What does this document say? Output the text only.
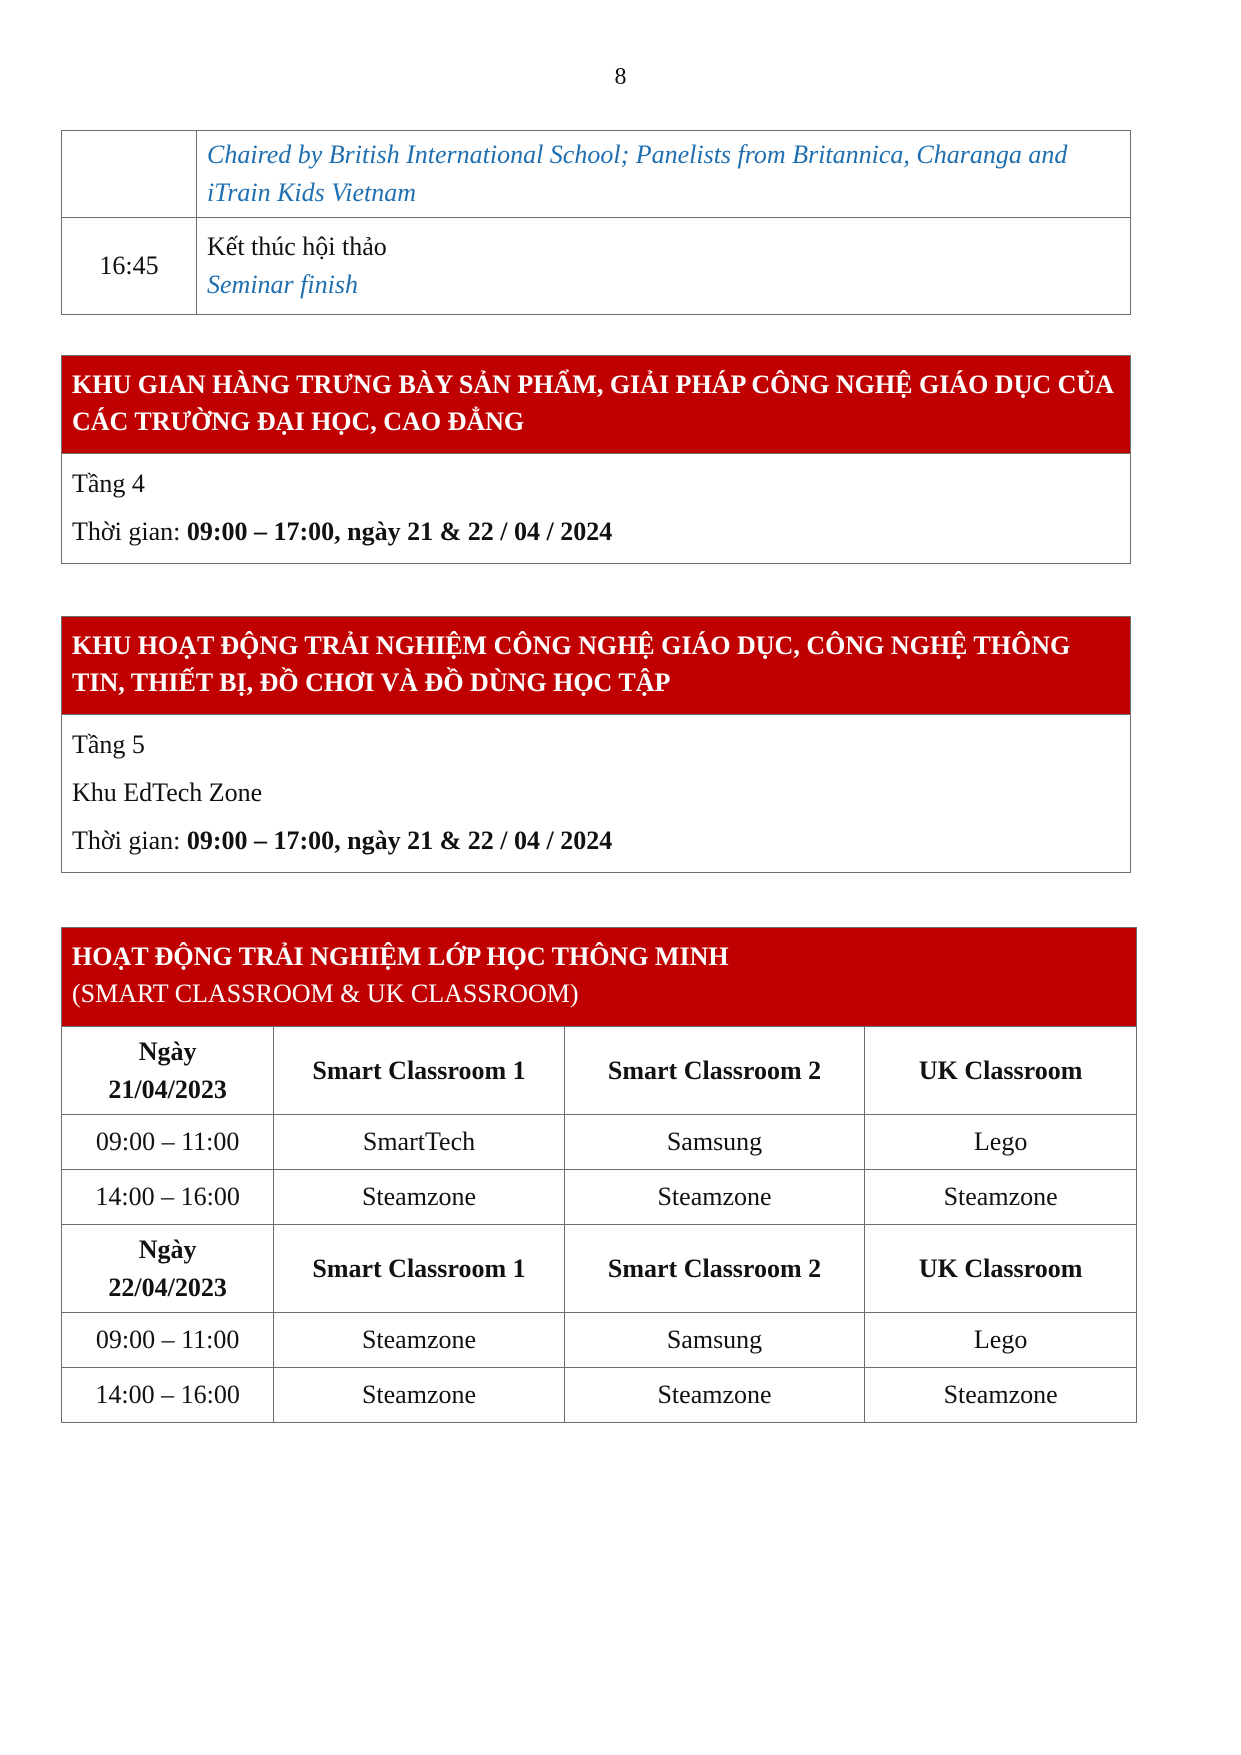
8
	Chaired by British International School; Panelists from Britannica, Charanga and iTrain Kids Vietnam
16:45	Kết thúc hội thảo
Seminar finish
KHU GIAN HÀNG TRƯNG BÀY SẢN PHẨM, GIẢI PHÁP CÔNG NGHỆ GIÁO DỤC CỦA CÁC TRƯỜNG ĐẠI HỌC, CAO ĐẲNG
Tầng 4
Thời gian: 09:00 – 17:00, ngày 21 & 22 / 04 / 2024
KHU HOẠT ĐỘNG TRẢI NGHIỆM CÔNG NGHỆ GIÁO DỤC, CÔNG NGHỆ THÔNG TIN, THIẾT BỊ, ĐỒ CHƠI VÀ ĐỒ DÙNG HỌC TẬP
Tầng 5
Khu EdTech Zone
Thời gian: 09:00 – 17:00, ngày 21 & 22 / 04 / 2024
HOẠT ĐỘNG TRẢI NGHIỆM LỚP HỌC THÔNG MINH
(SMART CLASSROOM & UK CLASSROOM)			

Ngày
21/04/2023	Smart Classroom 1	Smart Classroom 2	UK Classroom
09:00 – 11:00	SmartTech	Samsung	Lego
14:00 – 16:00	Steamzone	Steamzone	Steamzone

Ngày
22/04/2023	Smart Classroom 1	Smart Classroom 2	UK Classroom
09:00 – 11:00	Steamzone	Samsung	Lego
14:00 – 16:00	Steamzone	Steamzone	Steamzone
